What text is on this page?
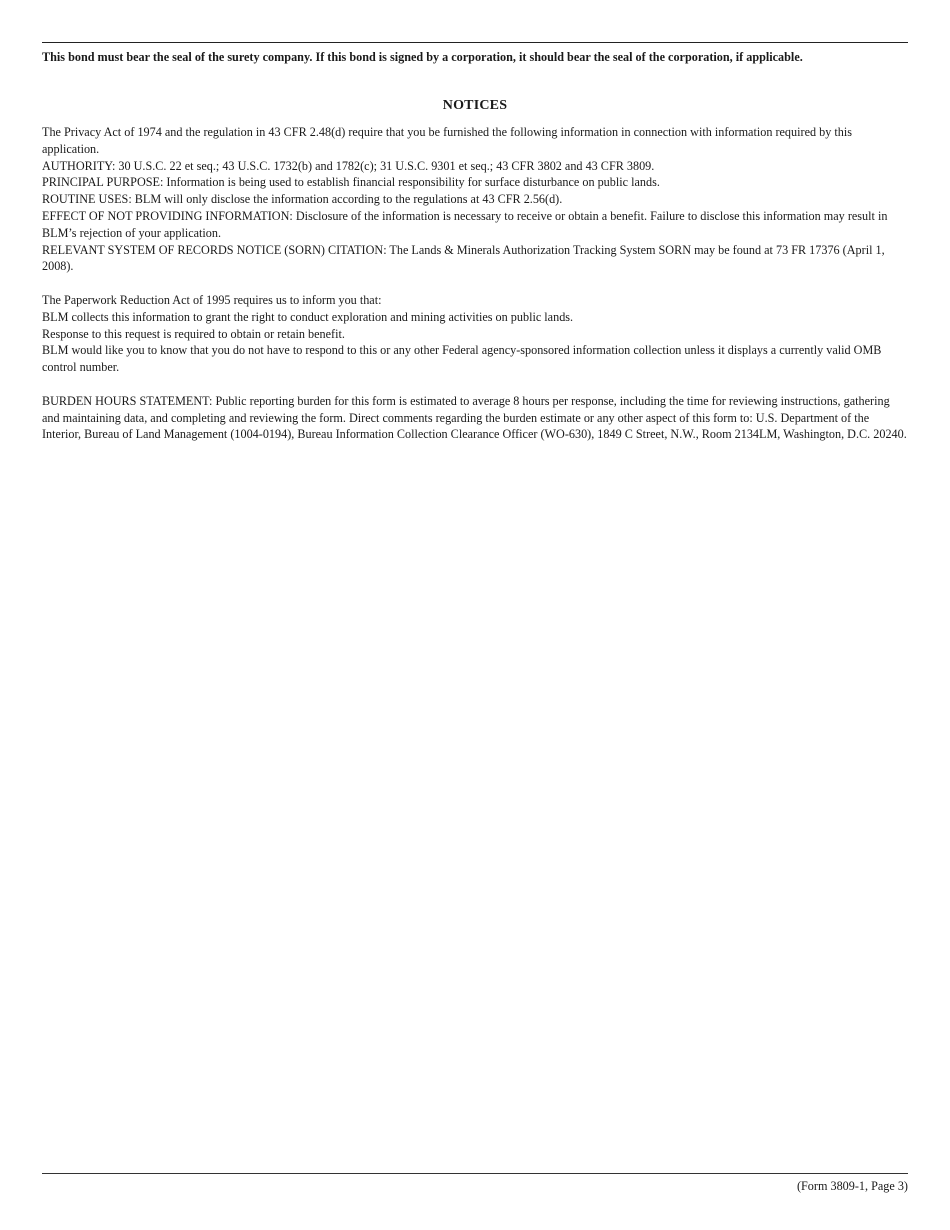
This bond must bear the seal of the surety company. If this bond is signed by a corporation, it should bear the seal of the corporation, if applicable.
NOTICES

The Privacy Act of 1974 and the regulation in 43 CFR 2.48(d) require that you be furnished the following information in connection with information required by this application.

AUTHORITY: 30 U.S.C. 22 et seq.; 43 U.S.C. 1732(b) and 1782(c); 31 U.S.C. 9301 et seq.; 43 CFR 3802 and 43 CFR 3809.

PRINCIPAL PURPOSE: Information is being used to establish financial responsibility for surface disturbance on public lands.

ROUTINE USES: BLM will only disclose the information according to the regulations at 43 CFR 2.56(d).

EFFECT OF NOT PROVIDING INFORMATION: Disclosure of the information is necessary to receive or obtain a benefit. Failure to disclose this information may result in BLM’s rejection of your application.

RELEVANT SYSTEM OF RECORDS NOTICE (SORN) CITATION: The Lands & Minerals Authorization Tracking System SORN may be found at 73 FR 17376 (April 1, 2008).

The Paperwork Reduction Act of 1995 requires us to inform you that:

BLM collects this information to grant the right to conduct exploration and mining activities on public lands.

Response to this request is required to obtain or retain benefit.

BLM would like you to know that you do not have to respond to this or any other Federal agency-sponsored information collection unless it displays a currently valid OMB control number.

BURDEN HOURS STATEMENT: Public reporting burden for this form is estimated to average 8 hours per response, including the time for reviewing instructions, gathering and maintaining data, and completing and reviewing the form. Direct comments regarding the burden estimate or any other aspect of this form to: U.S. Department of the Interior, Bureau of Land Management (1004-0194), Bureau Information Collection Clearance Officer (WO-630), 1849 C Street, N.W., Room 2134LM, Washington, D.C. 20240.

(Form 3809-1, Page 3)
